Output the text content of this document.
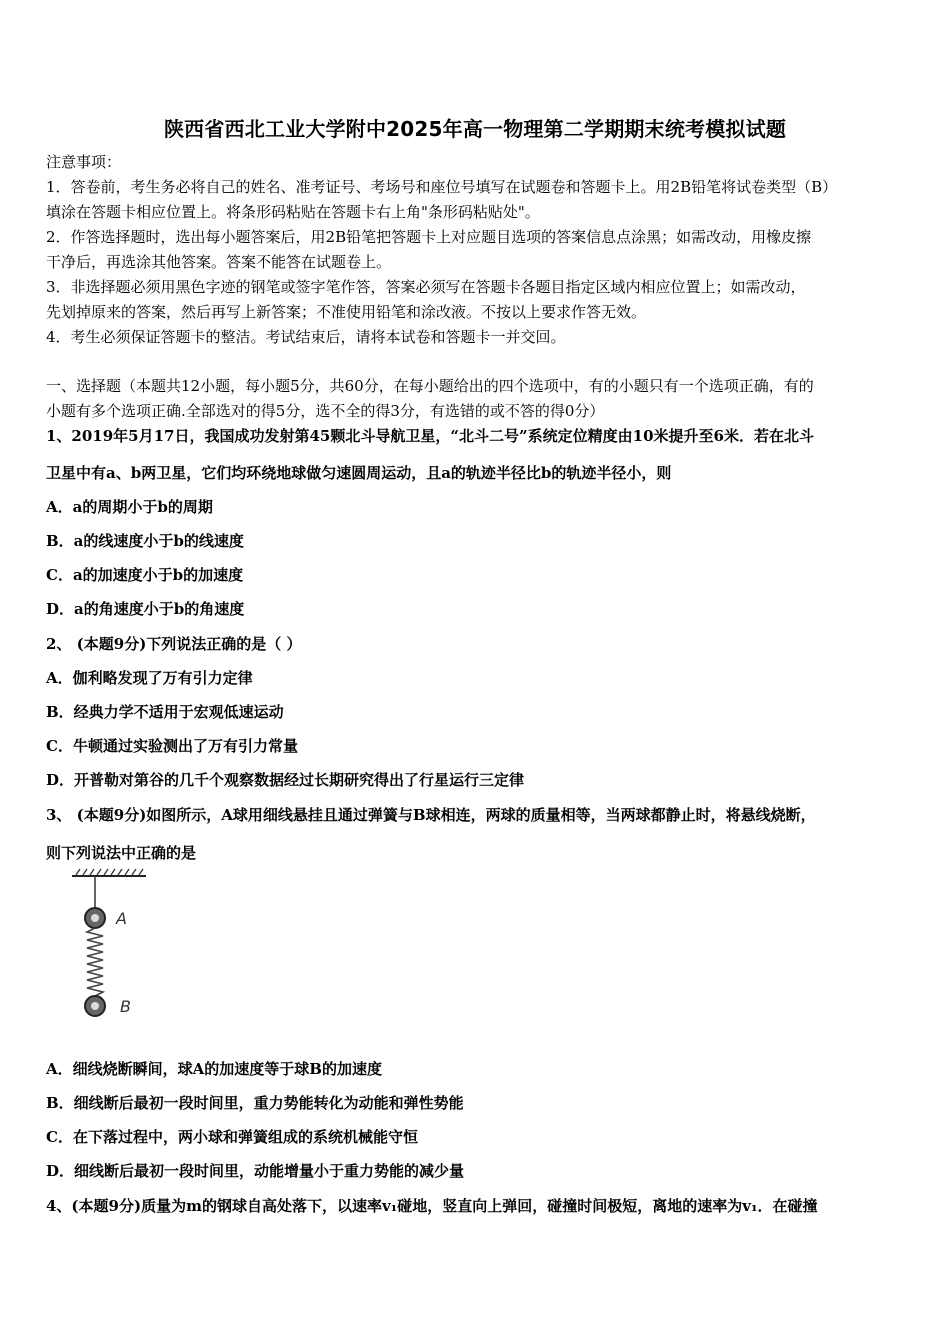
陕西省西北工业大学附中2025年高一物理第二学期期末统考模拟试题
注意事项：
1．答卷前，考生务必将自己的姓名、准考证号、考场号和座位号填写在试题卷和答题卡上。用2B铅笔将试卷类型（B）
填涂在答题卡相应位置上。将条形码粘贴在答题卡右上角"条形码粘贴处"。
2．作答选择题时，选出每小题答案后，用2B铅笔把答题卡上对应题目选项的答案信息点涂黑；如需改动，用橡皮擦
干净后，再选涂其他答案。答案不能答在试题卷上。
3．非选择题必须用黑色字迹的钢笔或签字笔作答，答案必须写在答题卡各题目指定区域内相应位置上；如需改动，
先划掉原来的答案，然后再写上新答案；不准使用铅笔和涂改液。不按以上要求作答无效。
4．考生必须保证答题卡的整洁。考试结束后，请将本试卷和答题卡一并交回。
一、选择题（本题共12小题，每小题5分，共60分，在每小题给出的四个选项中，有的小题只有一个选项正确，有的
小题有多个选项正确.全部选对的得5分，选不全的得3分，有选错的或不答的得0分）
1、2019年5月17日，我国成功发射第45颗北斗导航卫星，“北斗二号”系统定位精度由10米提升至6米．若在北斗
卫星中有a、b两卫星，它们均环绕地球做匀速圆周运动，且a的轨迹半径比b的轨迹半径小，则
A．a的周期小于b的周期
B．a的线速度小于b的线速度
C．a的加速度小于b的加速度
D．a的角速度小于b的角速度
2、 (本题9分)下列说法正确的是（ ）
A．伽利略发现了万有引力定律
B．经典力学不适用于宏观低速运动
C．牛顿通过实验测出了万有引力常量
D．开普勒对第谷的几千个观察数据经过长期研究得出了行星运行三定律
3、 (本题9分)如图所示，A球用细线悬挂且通过弹簧与B球相连，两球的质量相等，当两球都静止时，将悬线烧断，
则下列说法中正确的是
A
B
A．细线烧断瞬间，球A的加速度等于球B的加速度
B．细线断后最初一段时间里，重力势能转化为动能和弹性势能
C．在下落过程中，两小球和弹簧组成的系统机械能守恒
D．细线断后最初一段时间里，动能增量小于重力势能的减少量
4、(本题9分)质量为m的钢球自高处落下，以速率v₁碰地，竖直向上弹回，碰撞时间极短，离地的速率为v₁．在碰撞
